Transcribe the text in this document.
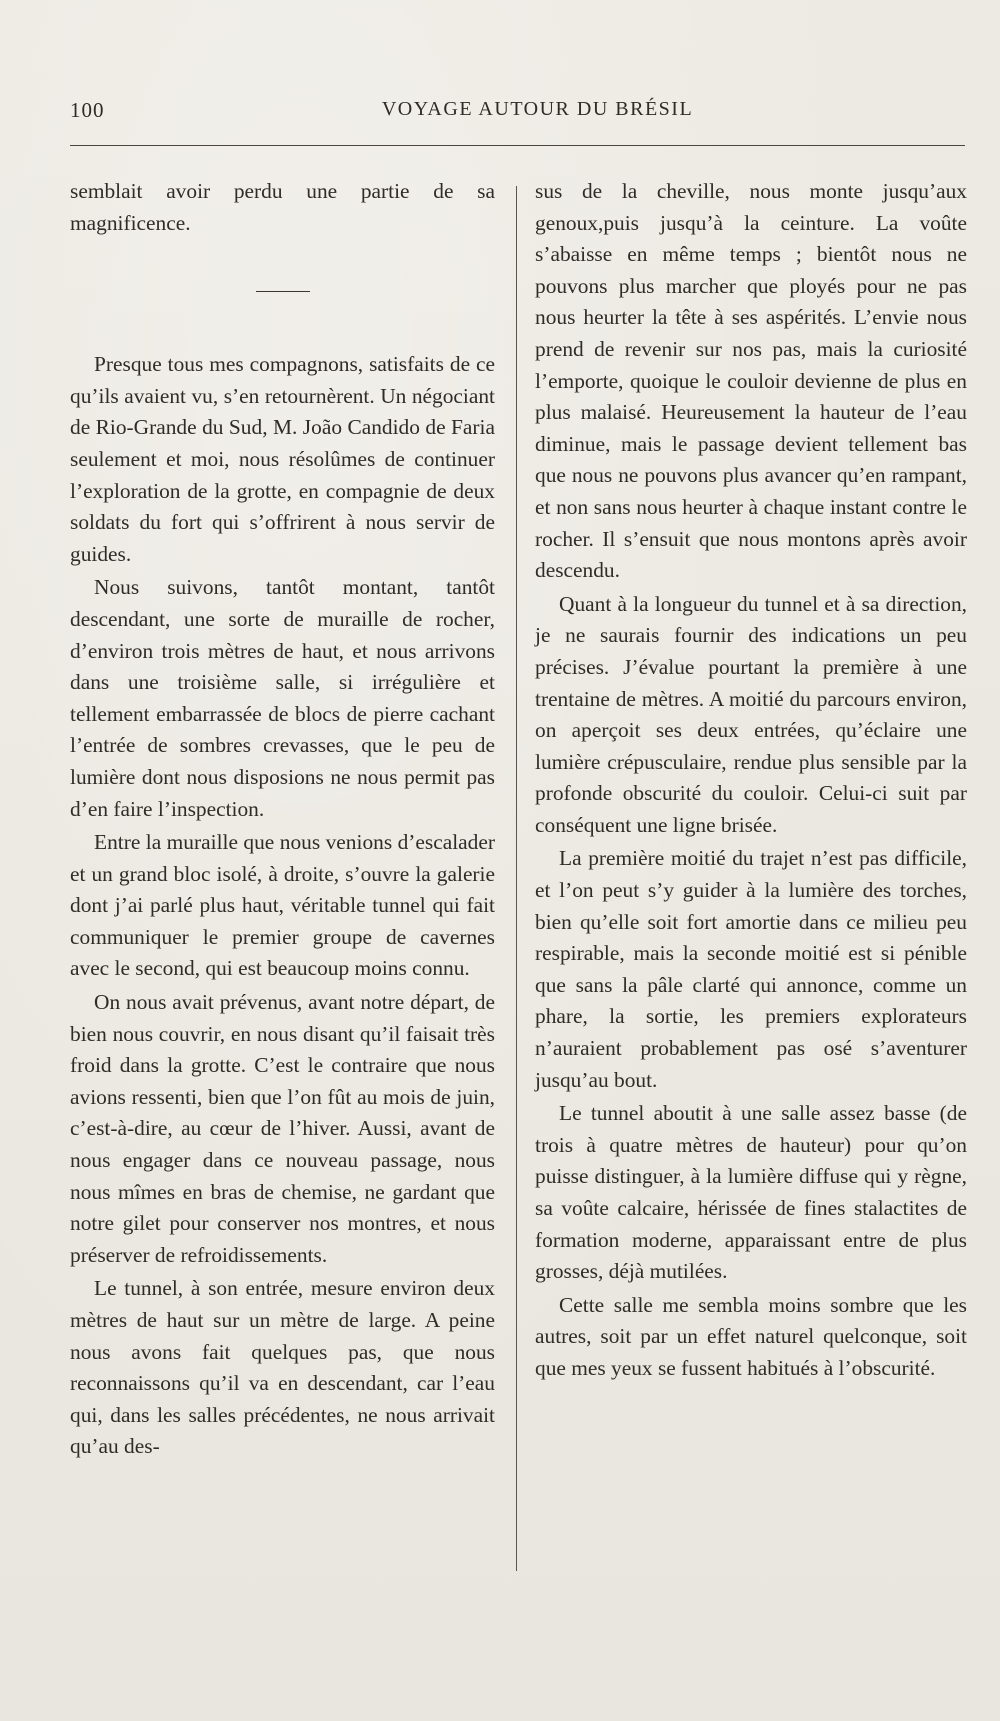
100	VOYAGE AUTOUR DU BRÉSIL

semblait avoir perdu une partie de sa magnificence.

Presque tous mes compagnons, satisfaits de ce qu’ils avaient vu, s’en retournèrent. Un négociant de Rio-Grande du Sud, M. João Candido de Faria seulement et moi, nous résolûmes de continuer l’exploration de la grotte, en compagnie de deux soldats du fort qui s’offrirent à nous servir de guides.

Nous suivons, tantôt montant, tantôt descendant, une sorte de muraille de rocher, d’environ trois mètres de haut, et nous arrivons dans une troisième salle, si irrégulière et tellement embarrassée de blocs de pierre cachant l’entrée de sombres crevasses, que le peu de lumière dont nous disposions ne nous permit pas d’en faire l’inspection.

Entre la muraille que nous venions d’escalader et un grand bloc isolé, à droite, s’ouvre la galerie dont j’ai parlé plus haut, véritable tunnel qui fait communiquer le premier groupe de cavernes avec le second, qui est beaucoup moins connu.

On nous avait prévenus, avant notre départ, de bien nous couvrir, en nous disant qu’il faisait très froid dans la grotte. C’est le contraire que nous avions ressenti, bien que l’on fût au mois de juin, c’est-à-dire, au cœur de l’hiver. Aussi, avant de nous engager dans ce nouveau passage, nous nous mîmes en bras de chemise, ne gardant que notre gilet pour conserver nos montres, et nous préserver de refroidissements.

Le tunnel, à son entrée, mesure environ deux mètres de haut sur un mètre de large. A peine nous avons fait quelques pas, que nous reconnaissons qu’il va en descendant, car l’eau qui, dans les salles précédentes, ne nous arrivait qu’au des-

sus de la cheville, nous monte jusqu’aux genoux,puis jusqu’à la ceinture. La voûte s’abaisse en même temps ; bientôt nous ne pouvons plus marcher que ployés pour ne pas nous heurter la tête à ses aspérités. L’envie nous prend de revenir sur nos pas, mais la curiosité l’emporte, quoique le couloir devienne de plus en plus malaisé. Heureusement la hauteur de l’eau diminue, mais le passage devient tellement bas que nous ne pouvons plus avancer qu’en rampant, et non sans nous heurter à chaque instant contre le rocher. Il s’ensuit que nous montons après avoir descendu.

Quant à la longueur du tunnel et à sa direction, je ne saurais fournir des indications un peu précises. J’évalue pourtant la première à une trentaine de mètres. A moitié du parcours environ, on aperçoit ses deux entrées, qu’éclaire une lumière crépusculaire, rendue plus sensible par la profonde obscurité du couloir. Celui-ci suit par conséquent une ligne brisée.

La première moitié du trajet n’est pas difficile, et l’on peut s’y guider à la lumière des torches, bien qu’elle soit fort amortie dans ce milieu peu respirable, mais la seconde moitié est si pénible que sans la pâle clarté qui annonce, comme un phare, la sortie, les premiers explorateurs n’auraient probablement pas osé s’aventurer jusqu’au bout.

Le tunnel aboutit à une salle assez basse (de trois à quatre mètres de hauteur) pour qu’on puisse distinguer, à la lumière diffuse qui y règne, sa voûte calcaire, hérissée de fines stalactites de formation moderne, apparaissant entre de plus grosses, déjà mutilées.

Cette salle me sembla moins sombre que les autres, soit par un effet naturel quelconque, soit que mes yeux se fussent habitués à l’obscurité.
